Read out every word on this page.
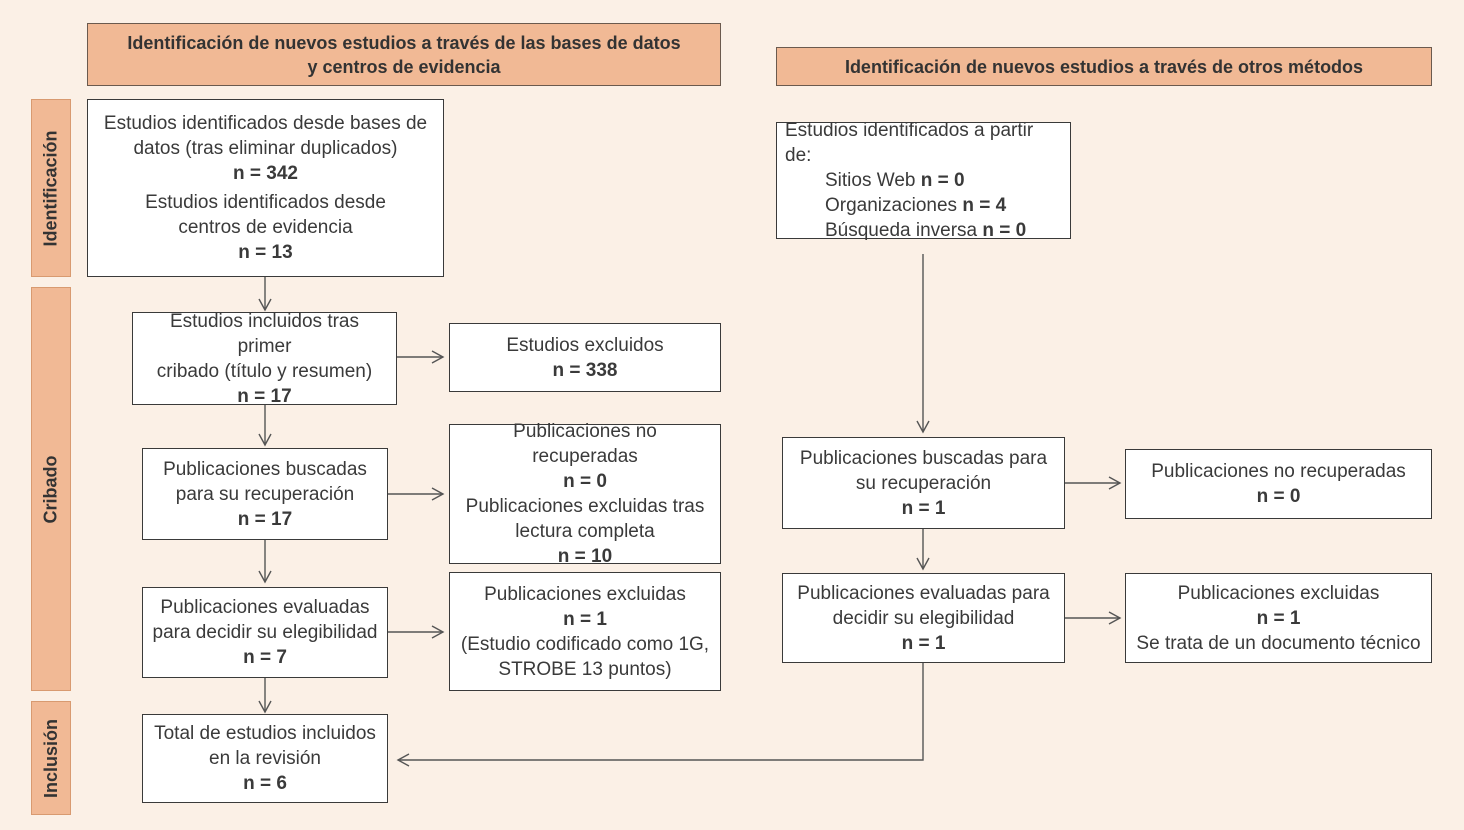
Identificación de nuevos estudios a través de las bases de datos
y centros de evidencia	Identificación de nuevos estudios a través de otros métodos
Identificación
Cribado
Inclusión
Estudios identificados desde bases de
datos (tras eliminar duplicados)
n = 342
Estudios identificados desde
centros de evidencia
n = 13
Estudios incluidos tras primer
cribado (título y resumen)
n = 17
Estudios excluidos
n = 338
Publicaciones buscadas
para su recuperación
n = 17
Publicaciones no recuperadas
n = 0
Publicaciones excluidas tras
lectura completa
n = 10
Publicaciones evaluadas
para decidir su elegibilidad
n = 7
Publicaciones excluidas
n = 1
(Estudio codificado como 1G,
STROBE 13 puntos)
Total de estudios incluidos
en la revisión
n = 6
Estudios identificados a partir de:
Sitios Web n = 0
Organizaciones n = 4
Búsqueda inversa n = 0
Publicaciones buscadas para
su recuperación
n = 1
Publicaciones no recuperadas
n = 0
Publicaciones evaluadas para
decidir su elegibilidad
n = 1
Publicaciones excluidas
n = 1
Se trata de un documento técnico
